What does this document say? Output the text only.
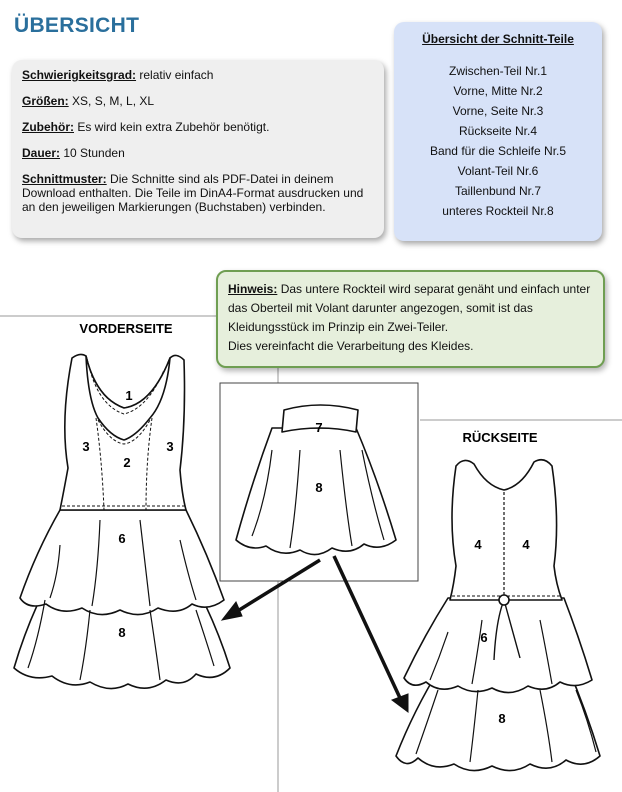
ÜBERSICHT

Schwierigkeitsgrad: relativ einfach

Größen: XS, S, M, L, XL

Zubehör: Es wird kein extra Zubehör benötigt.

Dauer: 10 Stunden

Schnittmuster: Die Schnitte sind als PDF-Datei in deinem Download enthalten. Die Teile im DinA4-Format ausdrucken und an den jeweiligen Markierungen (Buchstaben) verbinden.

Übersicht der Schnitt-Teile
Zwischen-Teil Nr.1
Vorne, Mitte Nr.2
Vorne, Seite Nr.3
Rückseite Nr.4
Band für die Schleife Nr.5
Volant-Teil Nr.6
Taillenbund Nr.7
unteres Rockteil Nr.8
VORDERSEITE
RÜCKSEITE
1
2
3	3
6
8
7
8
4	4
6
8
Hinweis: Das untere Rockteil wird separat genäht und einfach unter das Oberteil mit Volant darunter angezogen, somit ist das Kleidungsstück im Prinzip ein Zwei-Teiler.
Dies vereinfacht die Verarbeitung des Kleides.
